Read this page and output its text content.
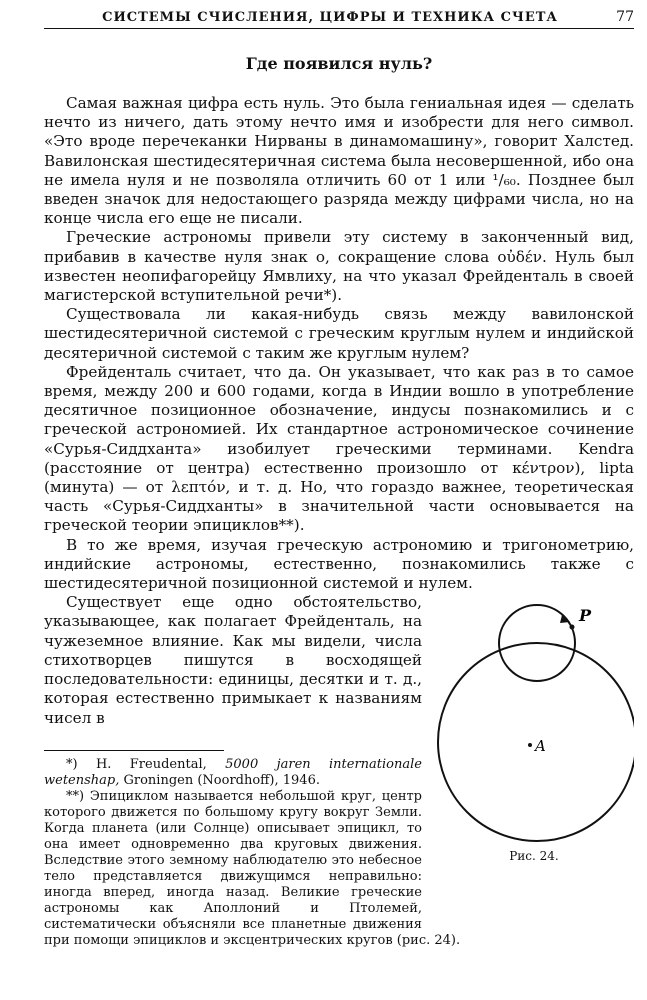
СИСТЕМЫ СЧИСЛЕНИЯ, ЦИФРЫ И ТЕХНИКА СЧЕТА	77
Где появился нуль?

Самая важная цифра есть нуль. Это была гениальная идея — сделать нечто из ничего, дать этому нечто имя и изобрести для него символ. «Это вроде перечеканки Нирваны в динамомашину», говорит Халстед. Вавилонская шестидесятеричная система была несовершенной, ибо она не имела нуля и не позволяла отличить 60 от 1 или ¹/₆₀. Позднее был введен значок для недостающего разряда между цифрами числа, но на конце числа его еще не писали.

Греческие астрономы привели эту систему в законченный вид, прибавив в качестве нуля знак ο, сокращение слова οὐδέν. Нуль был известен неопифагорейцу Ямвлиху, на что указал Фрейденталь в своей магистерской вступительной речи*).

Существовала ли какая-нибудь связь между вавилонской шестидесятеричной системой с греческим круглым нулем и индийской десятеричной системой с таким же круглым нулем?

Фрейденталь считает, что да. Он указывает, что как раз в то самое время, между 200 и 600 годами, когда в Индии вошло в употребление десятичное позиционное обозначение, индусы познакомились и с греческой астрономией. Их стандартное астрономическое сочинение «Сурья-Сиддханта» изобилует греческими терминами. Kendra (расстояние от центра) естественно произошло от κέντρον), lipta (минута) — от λεπτόν, и т. д. Но, что гораздо важнее, теоретическая часть «Сурья-Сиддханты» в значительной части основывается на греческой теории эпициклов**).

В то же время, изучая греческую астрономию и тригонометрию, индийские астрономы, естественно, познакомились также с шестидесятеричной позиционной системой и нулем.

P
A
Рис. 24.

Существует еще одно обстоятельство, указывающее, как полагает Фрейденталь, на чужеземное влияние. Как мы видели, числа стихотворцев пишутся в восходящей последовательности: единицы, десятки и т. д., которая естественно примыкает к названиям чисел в

*) H. Freudental, 5000 jaren internationale wetenshap, Groningen (Noordhoff), 1946.

**) Эпициклом называется небольшой круг, центр которого движется по большому кругу вокруг Земли. Когда планета (или Солнце) описывает эпицикл, то она имеет одновременно два круговых движения. Вследствие этого земному наблюдателю это небесное тело представляется движущимся неправильно: иногда вперед, иногда назад. Великие греческие астрономы как Аполлоний и Птолемей, систематически объясняли все планетные движения при помощи эпициклов и эксцентрических кругов (рис. 24).
